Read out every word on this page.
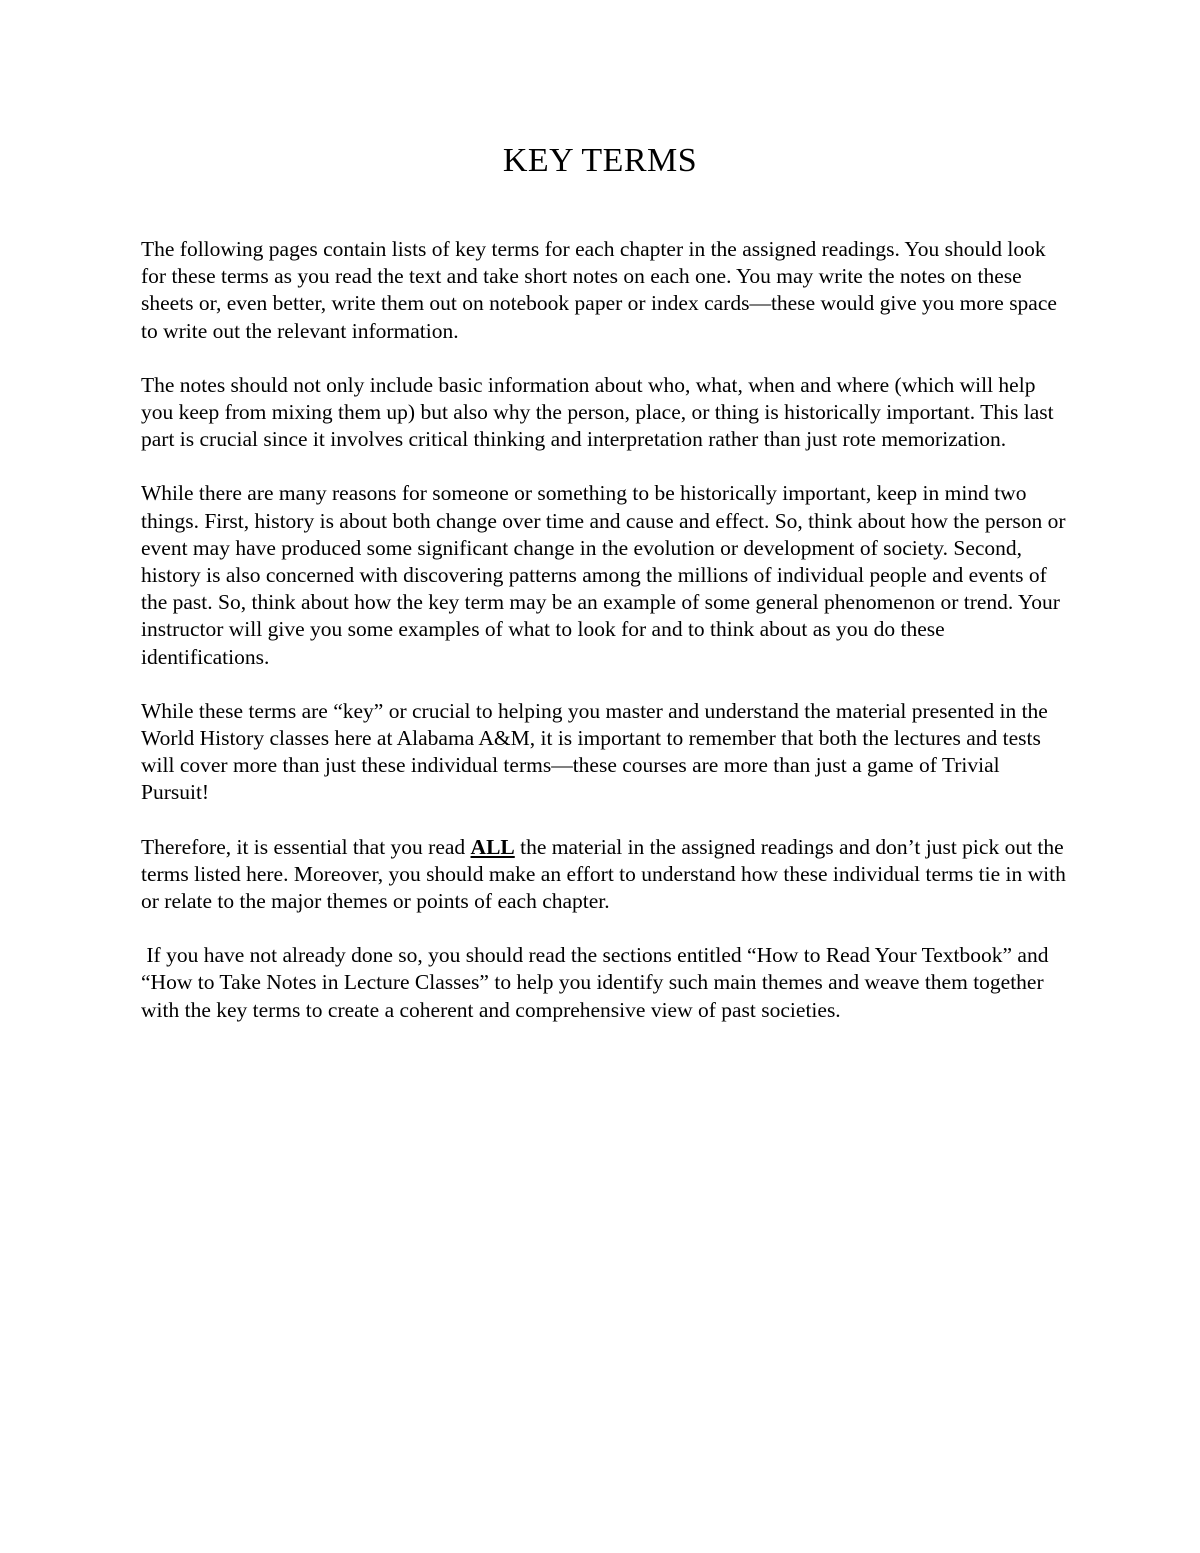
KEY TERMS

The following pages contain lists of key terms for each chapter in the assigned readings. You should look for these terms as you read the text and take short notes on each one. You may write the notes on these sheets or, even better, write them out on notebook paper or index cards—these would give you more space to write out the relevant information.

The notes should not only include basic information about who, what, when and where (which will help you keep from mixing them up) but also why the person, place, or thing is historically important. This last part is crucial since it involves critical thinking and interpretation rather than just rote memorization.

While there are many reasons for someone or something to be historically important, keep in mind two things. First, history is about both change over time and cause and effect. So, think about how the person or event may have produced some significant change in the evolution or development of society. Second, history is also concerned with discovering patterns among the millions of individual people and events of the past. So, think about how the key term may be an example of some general phenomenon or trend. Your instructor will give you some examples of what to look for and to think about as you do these identifications.

While these terms are “key” or crucial to helping you master and understand the material presented in the World History classes here at Alabama A&M, it is important to remember that both the lectures and tests will cover more than just these individual terms—these courses are more than just a game of Trivial Pursuit!

Therefore, it is essential that you read ALL the material in the assigned readings and don’t just pick out the terms listed here. Moreover, you should make an effort to understand how these individual terms tie in with or relate to the major themes or points of each chapter.

If you have not already done so, you should read the sections entitled “How to Read Your Textbook” and “How to Take Notes in Lecture Classes” to help you identify such main themes and weave them together with the key terms to create a coherent and comprehensive view of past societies.
